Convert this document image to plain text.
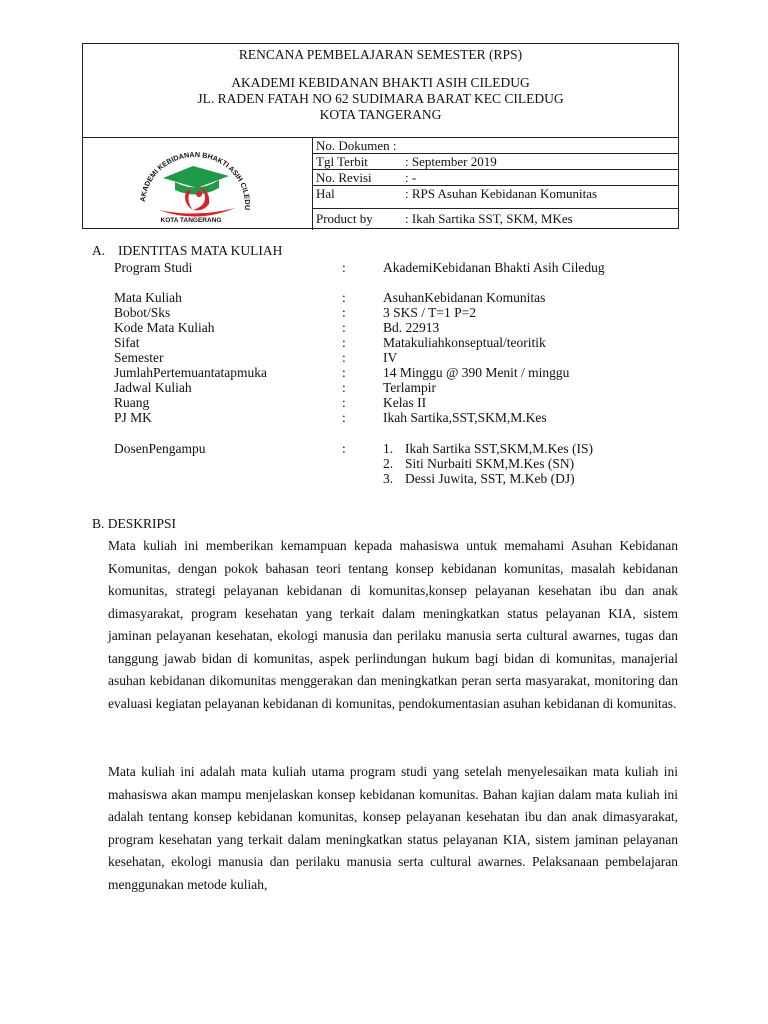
RENCANA PEMBELAJARAN SEMESTER (RPS)
AKADEMI KEBIDANAN BHAKTI ASIH CILEDUG
JL. RADEN FATAH NO 62 SUDIMARA BARAT KEC CILEDUG
KOTA TANGERANG
AKADEMI KEBIDANAN BHAKTI ASIH CILEDU
KOTA TANGERANG
No. Dokumen :
Tgl Terbit	: September 2019
No. Revisi	: -
Hal	: RPS Asuhan Kebidanan Komunitas
Product by : Ikah Sartika SST, SKM, MKes
A. IDENTITAS MATA KULIAH
Program Studi	:	AkademiKebidanan Bhakti Asih Ciledug
Mata Kuliah	:	AsuhanKebidanan Komunitas
Bobot/Sks	:	3 SKS / T=1 P=2
Kode Mata Kuliah	:	Bd. 22913
Sifat	:	Matakuliahkonseptual/teoritik
Semester	:	IV
JumlahPertemuantatapmuka	:	14 Minggu @ 390 Menit / minggu
Jadwal Kuliah	:	Terlampir
Ruang	:	Kelas II
PJ MK	:	Ikah Sartika,SST,SKM,M.Kes
DosenPengampu	:	1. Ikah Sartika SST,SKM,M.Kes (IS)
2. Siti Nurbaiti SKM,M.Kes (SN)
3. Dessi Juwita, SST, M.Keb (DJ)
B. DESKRIPSI

Mata kuliah ini memberikan kemampuan kepada mahasiswa untuk memahami Asuhan Kebidanan Komunitas, dengan pokok bahasan teori tentang konsep kebidanan komunitas, masalah kebidanan komunitas, strategi pelayanan kebidanan di komunitas,konsep pelayanan kesehatan ibu dan anak dimasyarakat, program kesehatan yang terkait dalam meningkatkan status pelayanan KIA, sistem jaminan pelayanan kesehatan, ekologi manusia dan perilaku manusia serta cultural awarnes, tugas dan tanggung jawab bidan di komunitas, aspek perlindungan hukum bagi bidan di komunitas, manajerial asuhan kebidanan dikomunitas menggerakan dan meningkatkan peran serta masyarakat, monitoring dan evaluasi kegiatan pelayanan kebidanan di komunitas, pendokumentasian asuhan kebidanan di komunitas.

Mata kuliah ini adalah mata kuliah utama program studi yang setelah menyelesaikan mata kuliah ini mahasiswa akan mampu menjelaskan konsep kebidanan komunitas. Bahan kajian dalam mata kuliah ini adalah tentang konsep kebidanan komunitas, konsep pelayanan kesehatan ibu dan anak dimasyarakat, program kesehatan yang terkait dalam meningkatkan status pelayanan KIA, sistem jaminan pelayanan kesehatan, ekologi manusia dan perilaku manusia serta cultural awarnes. Pelaksanaan pembelajaran menggunakan metode kuliah,
